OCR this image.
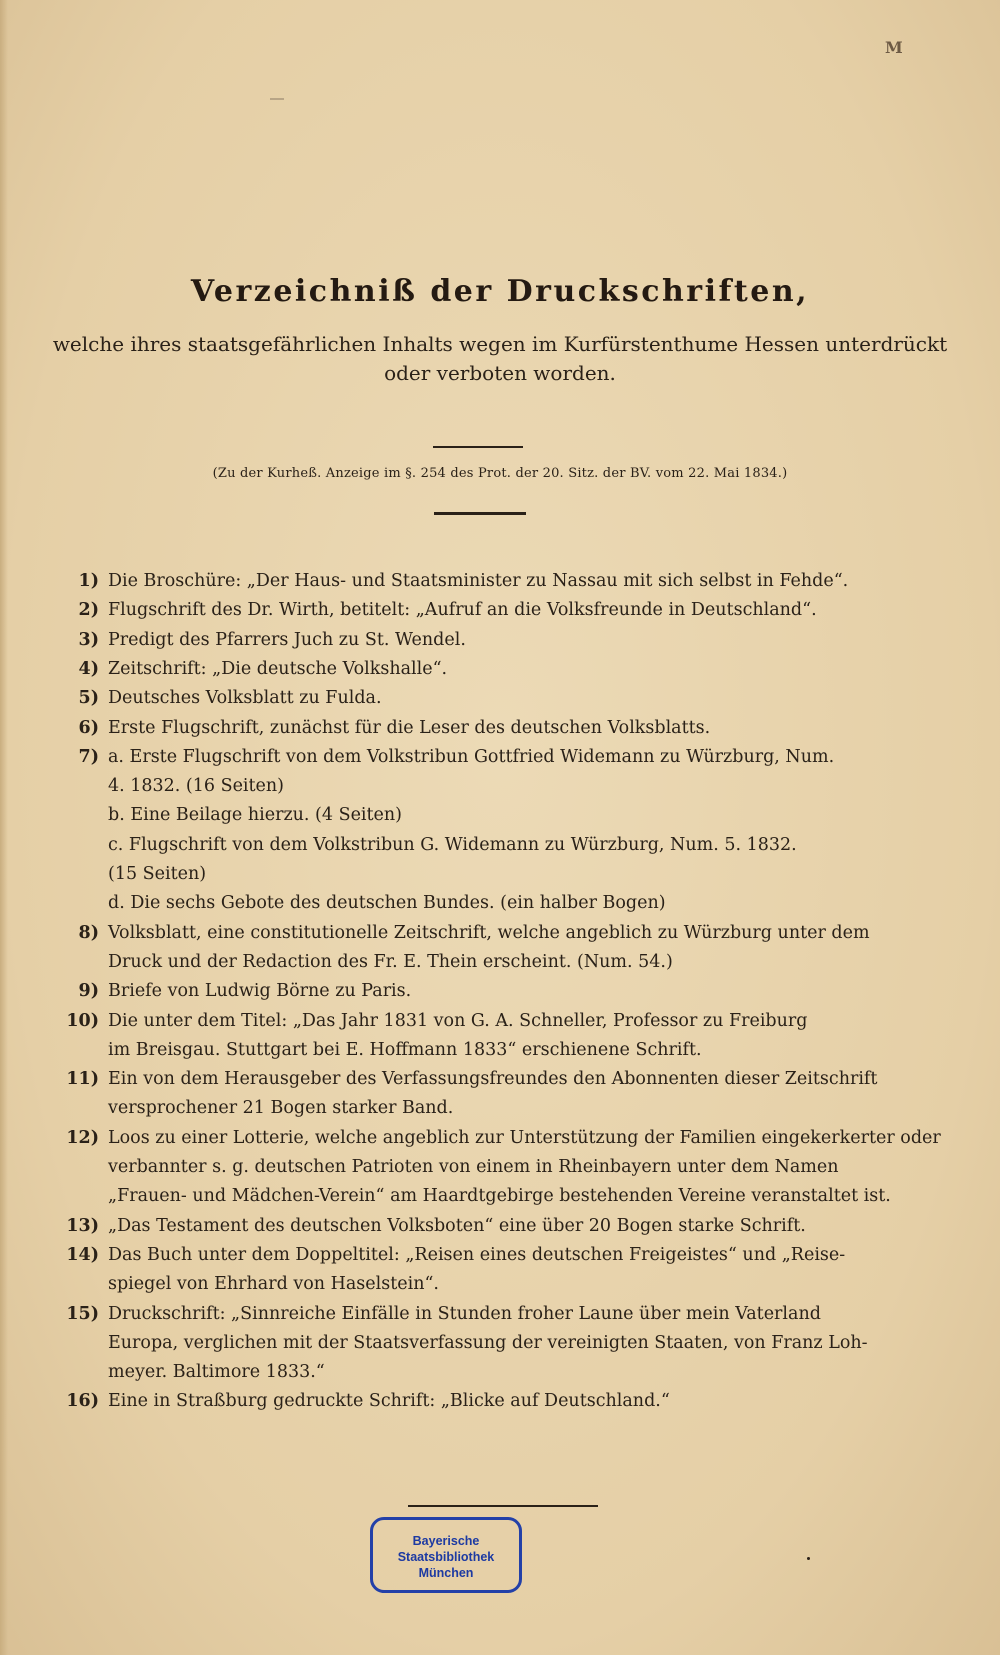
M
Verzeichniß der Druckschriften,
welche ihres staatsgefährlichen Inhalts wegen im Kurfürstenthume Hessen unterdrückt
oder verboten worden.
(Zu der Kurheß. Anzeige im §. 254 des Prot. der 20. Sitz. der BV. vom 22. Mai 1834.)
1) Die Broschüre: „Der Haus- und Staatsminister zu Nassau mit sich selbst in Fehde“.
2) Flugschrift des Dr. Wirth, betitelt: „Aufruf an die Volksfreunde in Deutschland“.
3) Predigt des Pfarrers Juch zu St. Wendel.
4) Zeitschrift: „Die deutsche Volkshalle“.
5) Deutsches Volksblatt zu Fulda.
6) Erste Flugschrift, zunächst für die Leser des deutschen Volksblatts.
7) a. Erste Flugschrift von dem Volkstribun Gottfried Widemann zu Würzburg, Num.
4. 1832. (16 Seiten)
b. Eine Beilage hierzu. (4 Seiten)
c. Flugschrift von dem Volkstribun G. Widemann zu Würzburg, Num. 5. 1832.
(15 Seiten)
d. Die sechs Gebote des deutschen Bundes. (ein halber Bogen)
8) Volksblatt, eine constitutionelle Zeitschrift, welche angeblich zu Würzburg unter dem
Druck und der Redaction des Fr. E. Thein erscheint. (Num. 54.)
9) Briefe von Ludwig Börne zu Paris.
10) Die unter dem Titel: „Das Jahr 1831 von G. A. Schneller, Professor zu Freiburg
im Breisgau. Stuttgart bei E. Hoffmann 1833“ erschienene Schrift.
11) Ein von dem Herausgeber des Verfassungsfreundes den Abonnenten dieser Zeitschrift
versprochener 21 Bogen starker Band.
12) Loos zu einer Lotterie, welche angeblich zur Unterstützung der Familien eingekerkerter oder
verbannter s. g. deutschen Patrioten von einem in Rheinbayern unter dem Namen
„Frauen- und Mädchen-Verein“ am Haardtgebirge bestehenden Vereine veranstaltet ist.
13) „Das Testament des deutschen Volksboten“ eine über 20 Bogen starke Schrift.
14) Das Buch unter dem Doppeltitel: „Reisen eines deutschen Freigeistes“ und „Reise-
spiegel von Ehrhard von Haselstein“.
15) Druckschrift: „Sinnreiche Einfälle in Stunden froher Laune über mein Vaterland
Europa, verglichen mit der Staatsverfassung der vereinigten Staaten, von Franz Loh-
meyer. Baltimore 1833.“
16) Eine in Straßburg gedruckte Schrift: „Blicke auf Deutschland.“
Bayerische
Staatsbibliothek
München
